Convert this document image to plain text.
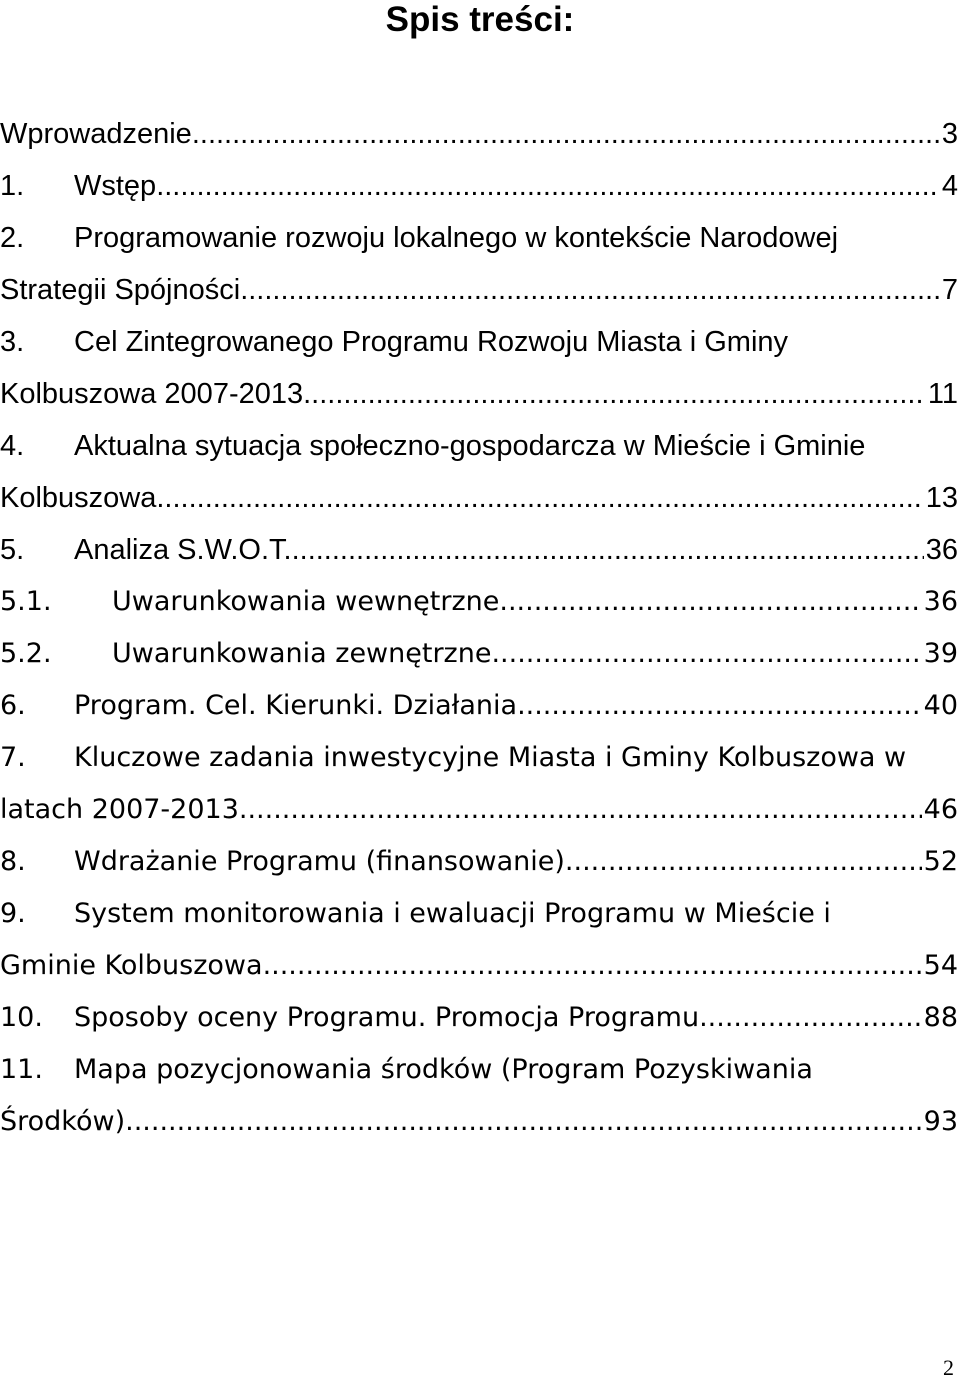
Spis treści:
Wprowadzenie .....	3
1.	Wstęp .....	4
2.	Programowanie rozwoju lokalnego w kontekście Narodowej
Strategii Spójności .....	7
3.	Cel Zintegrowanego Programu Rozwoju Miasta i Gminy
Kolbuszowa 2007-2013 .....	11
4.	Aktualna sytuacja społeczno-gospodarcza w Mieście i Gminie
Kolbuszowa .....	13
5.	Analiza S.W.O.T. .....	36
5.1.	Uwarunkowania wewnętrzne .....	36
5.2.	Uwarunkowania zewnętrzne .....	39
6.	Program. Cel. Kierunki. Działania .....	40
7.	Kluczowe zadania inwestycyjne Miasta i Gminy Kolbuszowa w
latach 2007-2013 .....	46
8.	Wdrażanie Programu (finansowanie) .....	52
9.	System monitorowania i ewaluacji Programu w Mieście i
Gminie Kolbuszowa .....	54
10.	Sposoby oceny Programu. Promocja Programu .....	88
11.	Mapa pozycjonowania środków (Program Pozyskiwania
Środków) .....	93
2
